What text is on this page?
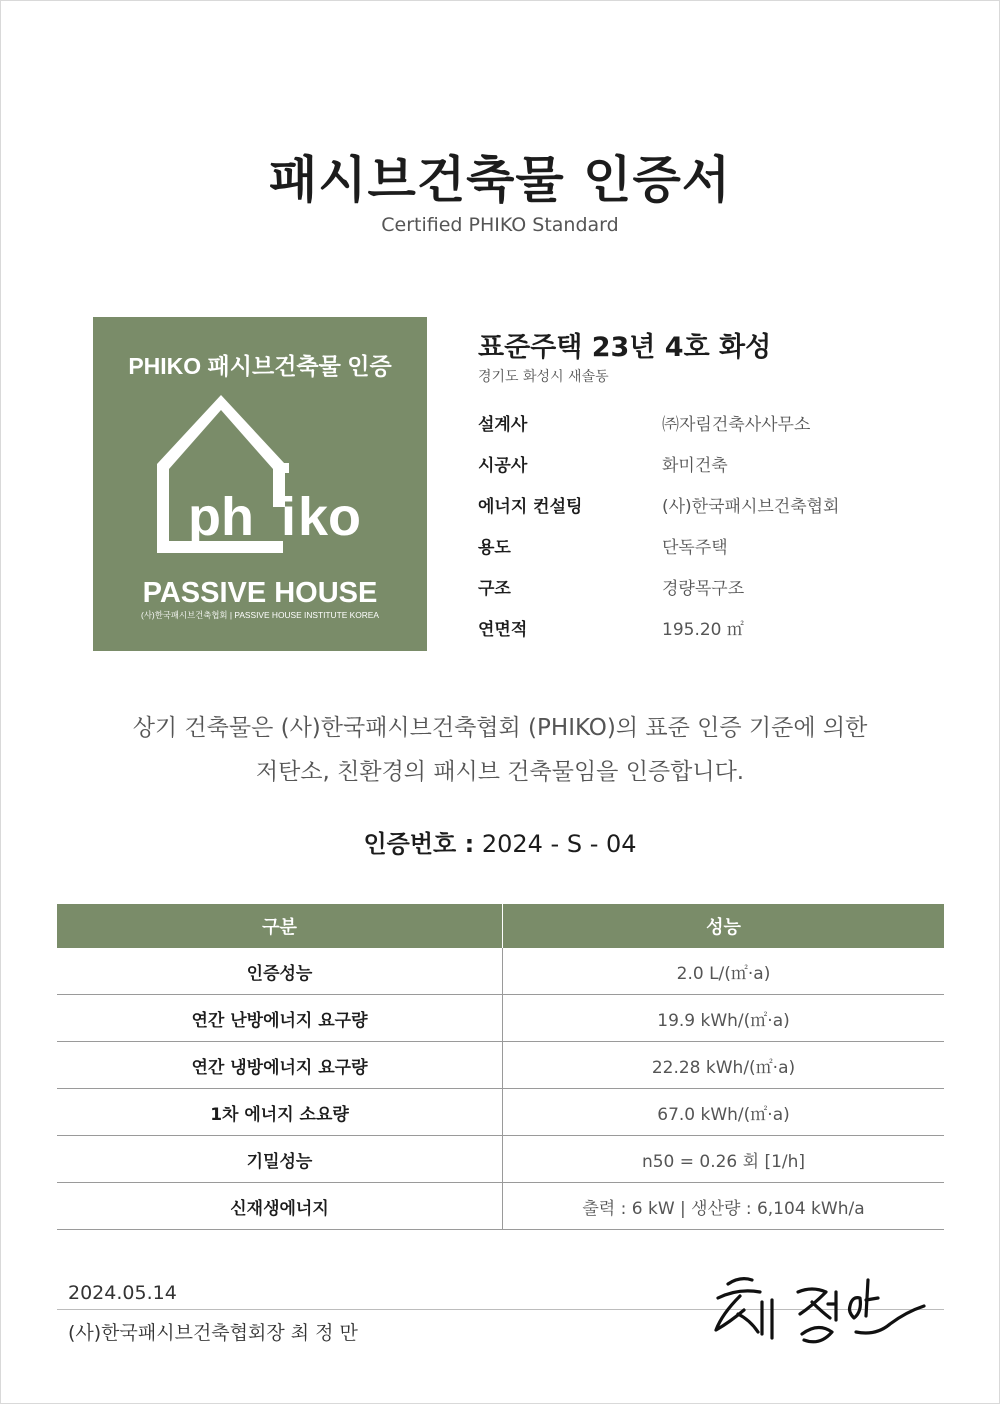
패시브건축물 인증서
Certified PHIKO Standard
PHIKO 패시브건축물 인증
ph i ko
PASSIVE HOUSE
(사)한국패시브건축협회 | PASSIVE HOUSE INSTITUTE KOREA
표준주택 23년 4호 화성
경기도 화성시 새솔동
설계사	㈜자림건축사사무소
시공사	화미건축
에너지 컨설팅	(사)한국패시브건축협회
용도	단독주택
구조	경량목구조
연면적	195.20 ㎡
상기 건축물은 (사)한국패시브건축협회 (PHIKO)의 표준 인증 기준에 의한
저탄소, 친환경의 패시브 건축물임을 인증합니다.
인증번호 : 2024 - S - 04
구분	성능
인증성능	2.0 L/(㎡·a)
연간 난방에너지 요구량	19.9 kWh/(㎡·a)
연간 냉방에너지 요구량	22.28 kWh/(㎡·a)
1차 에너지 소요량	67.0 kWh/(㎡·a)
기밀성능	n50 = 0.26 회 [1/h]
신재생에너지	출력 : 6 kW | 생산량 : 6,104 kWh/a
2024.05.14
(사)한국패시브건축협회장 최 정 만
